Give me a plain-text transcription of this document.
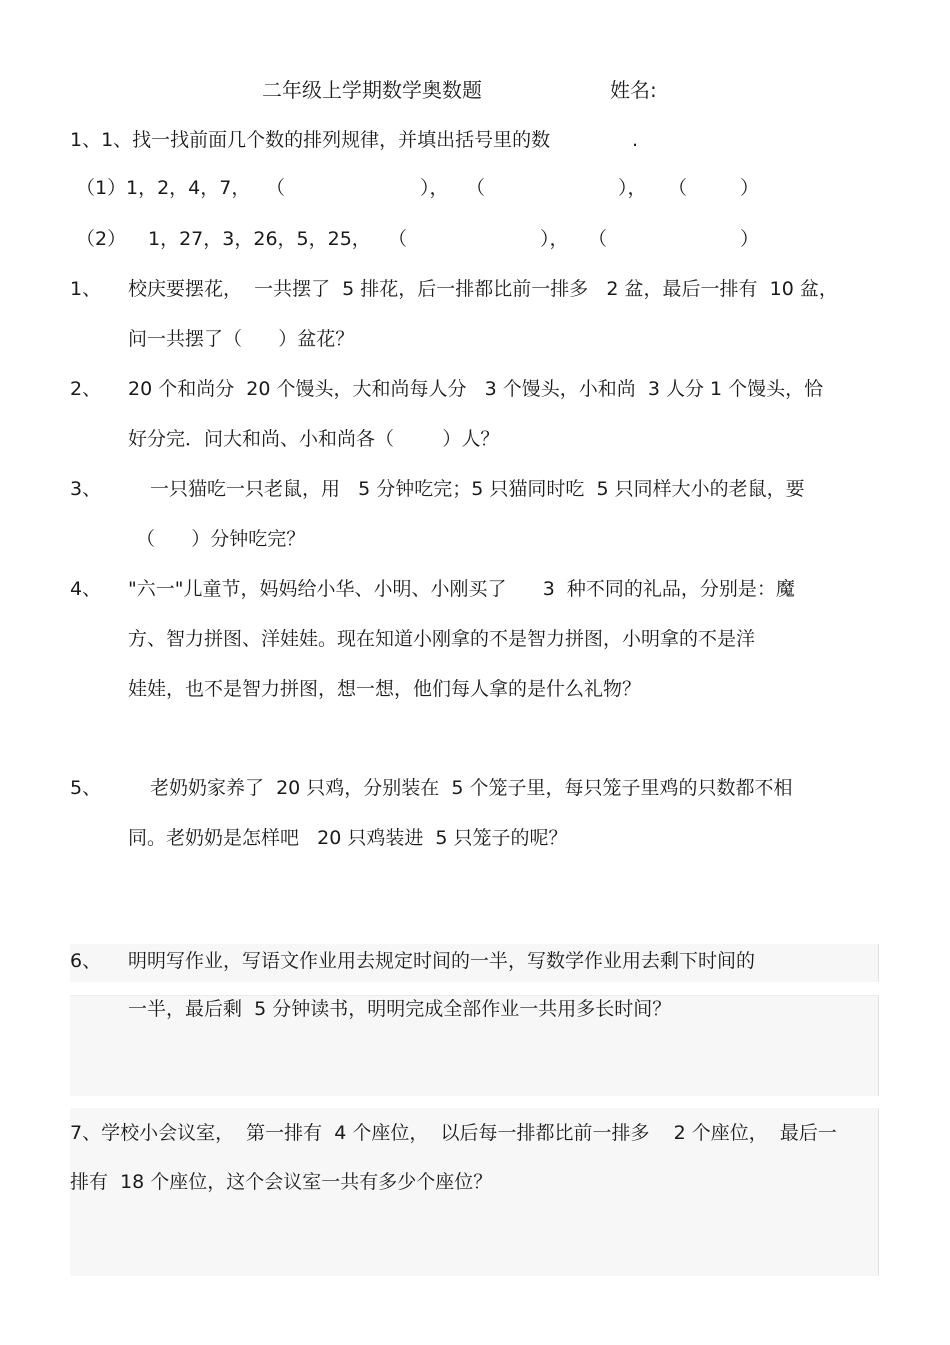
二年级上学期数学奥数题	姓名:
1、1、找一找前面几个数的排列规律，并填出括号里的数	.
（1） 1，2，4，7， （	）， （	）， （	）
（2） 1，27，3，26，5，25， （	）， （	）
1、 校庆要摆花，  一共摆了  5 排花，后一排都比前一排多   2 盆，最后一排有  10 盆，
问一共摆了（      ）盆花？
2、 20 个和尚分  20 个馒头，大和尚每人分   3 个馒头，小和尚  3 人分 1 个馒头，恰
好分完．问大和尚、小和尚各（        ）人？
3、	一只猫吃一只老鼠，用   5 分钟吃完；5 只猫同时吃  5 只同样大小的老鼠，要
（      ）分钟吃完？
4、 "六一"儿童节，妈妈给小华、小明、小刚买了      3  种不同的礼品，分别是：魔
方、智力拼图、洋娃娃。现在知道小刚拿的不是智力拼图，小明拿的不是洋
娃娃，也不是智力拼图，想一想，他们每人拿的是什么礼物？
5、	老奶奶家养了  20 只鸡，分别装在  5 个笼子里，每只笼子里鸡的只数都不相
同。老奶奶是怎样吧   20 只鸡装进  5 只笼子的呢？
6、 明明写作业，写语文作业用去规定时间的一半，写数学作业用去剩下时间的
一半，最后剩  5 分钟读书，明明完成全部作业一共用多长时间？
7、学校小会议室，  第一排有  4 个座位，  以后每一排都比前一排多    2 个座位，  最后一
排有  18 个座位，这个会议室一共有多少个座位？
